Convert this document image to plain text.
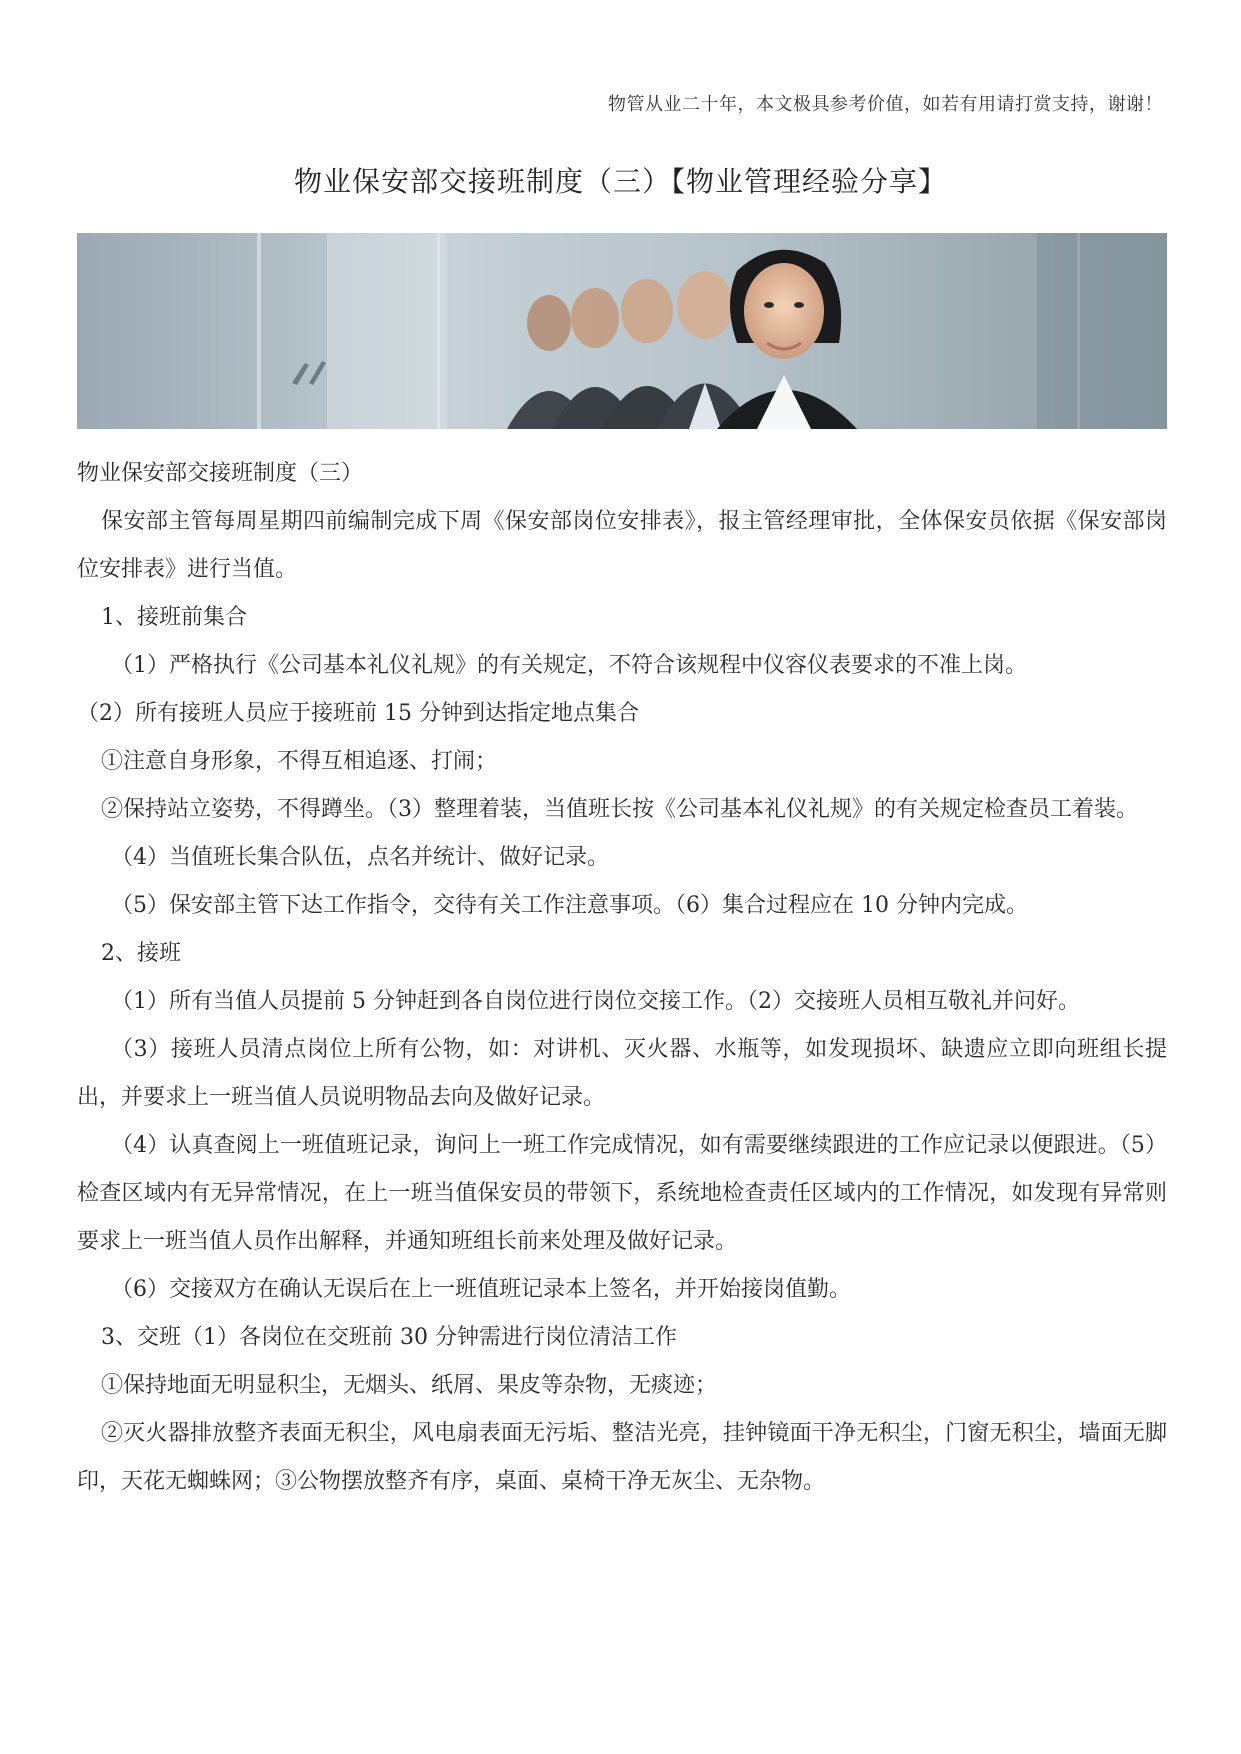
物管从业二十年，本文极具参考价值，如若有用请打赏支持，谢谢！
物业保安部交接班制度（三）【物业管理经验分享】

物业保安部交接班制度（三）

保安部主管每周星期四前编制完成下周《保安部岗位安排表》，报主管经理审批，全体保安员依据《保安部岗位安排表》进行当值。

1、接班前集合

（1）严格执行《公司基本礼仪礼规》的有关规定，不符合该规程中仪容仪表要求的不准上岗。

（2）所有接班人员应于接班前 15 分钟到达指定地点集合

①注意自身形象，不得互相追逐、打闹；

②保持站立姿势，不得蹲坐。（3）整理着装，当值班长按《公司基本礼仪礼规》的有关规定检查员工着装。

（4）当值班长集合队伍，点名并统计、做好记录。

（5）保安部主管下达工作指令，交待有关工作注意事项。（6）集合过程应在 10 分钟内完成。

2、接班

（1）所有当值人员提前 5 分钟赶到各自岗位进行岗位交接工作。（2）交接班人员相互敬礼并问好。

（3）接班人员清点岗位上所有公物，如：对讲机、灭火器、水瓶等，如发现损坏、缺遗应立即向班组长提出，并要求上一班当值人员说明物品去向及做好记录。

（4）认真查阅上一班值班记录，询问上一班工作完成情况，如有需要继续跟进的工作应记录以便跟进。（5）检查区域内有无异常情况，在上一班当值保安员的带领下，系统地检查责任区域内的工作情况，如发现有异常则要求上一班当值人员作出解释，并通知班组长前来处理及做好记录。

（6）交接双方在确认无误后在上一班值班记录本上签名，并开始接岗值勤。

3、交班（1）各岗位在交班前 30 分钟需进行岗位清洁工作

①保持地面无明显积尘，无烟头、纸屑、果皮等杂物，无痰迹；

②灭火器排放整齐表面无积尘，风电扇表面无污垢、整洁光亮，挂钟镜面干净无积尘，门窗无积尘，墙面无脚印，天花无蜘蛛网；③公物摆放整齐有序，桌面、桌椅干净无灰尘、无杂物。
